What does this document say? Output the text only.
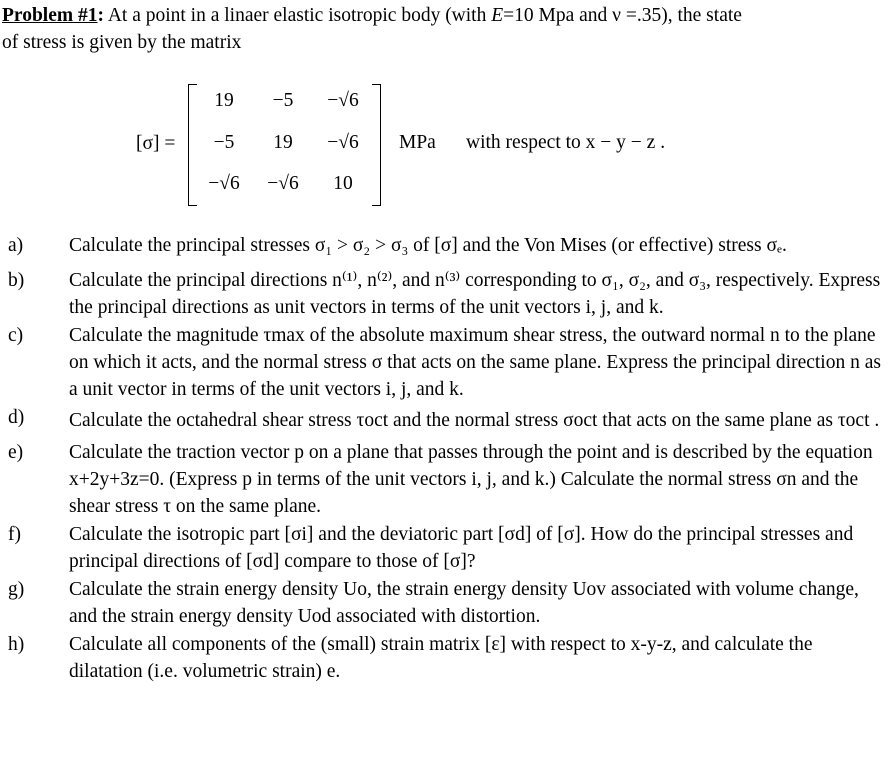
Problem #1: At a point in a linaer elastic isotropic body (with E=10 Mpa and ν =.35), the state
of stress is given by the matrix
[σ] =
19	−5	−√6
−5	19	−√6
−√6	−√6	10
MPa with respect to x − y − z .
a) Calculate the principal stresses σ₁ > σ₂ > σ₃ of [σ] and the Von Mises (or effective) stress σₑ.
b) Calculate the principal directions n⁽¹⁾, n⁽²⁾, and n⁽³⁾ corresponding to σ₁, σ₂, and σ₃, respectively. Express the principal directions as unit vectors in terms of the unit vectors i, j, and k.
c) Calculate the magnitude τmax of the absolute maximum shear stress, the outward normal n to the plane on which it acts, and the normal stress σ that acts on the same plane. Express the principal direction n as a unit vector in terms of the unit vectors i, j, and k.
d) Calculate the octahedral shear stress τoct and the normal stress σoct that acts on the same plane as τoct .
e) Calculate the traction vector p on a plane that passes through the point and is described by the equation x+2y+3z=0. (Express p in terms of the unit vectors i, j, and k.) Calculate the normal stress σn and the shear stress τ on the same plane.
f) Calculate the isotropic part [σi] and the deviatoric part [σd] of [σ]. How do the principal stresses and principal directions of [σd] compare to those of [σ]?
g) Calculate the strain energy density Uo, the strain energy density Uov associated with volume change, and the strain energy density Uod associated with distortion.
h) Calculate all components of the (small) strain matrix [ε] with respect to x-y-z, and calculate the dilatation (i.e. volumetric strain) e.
